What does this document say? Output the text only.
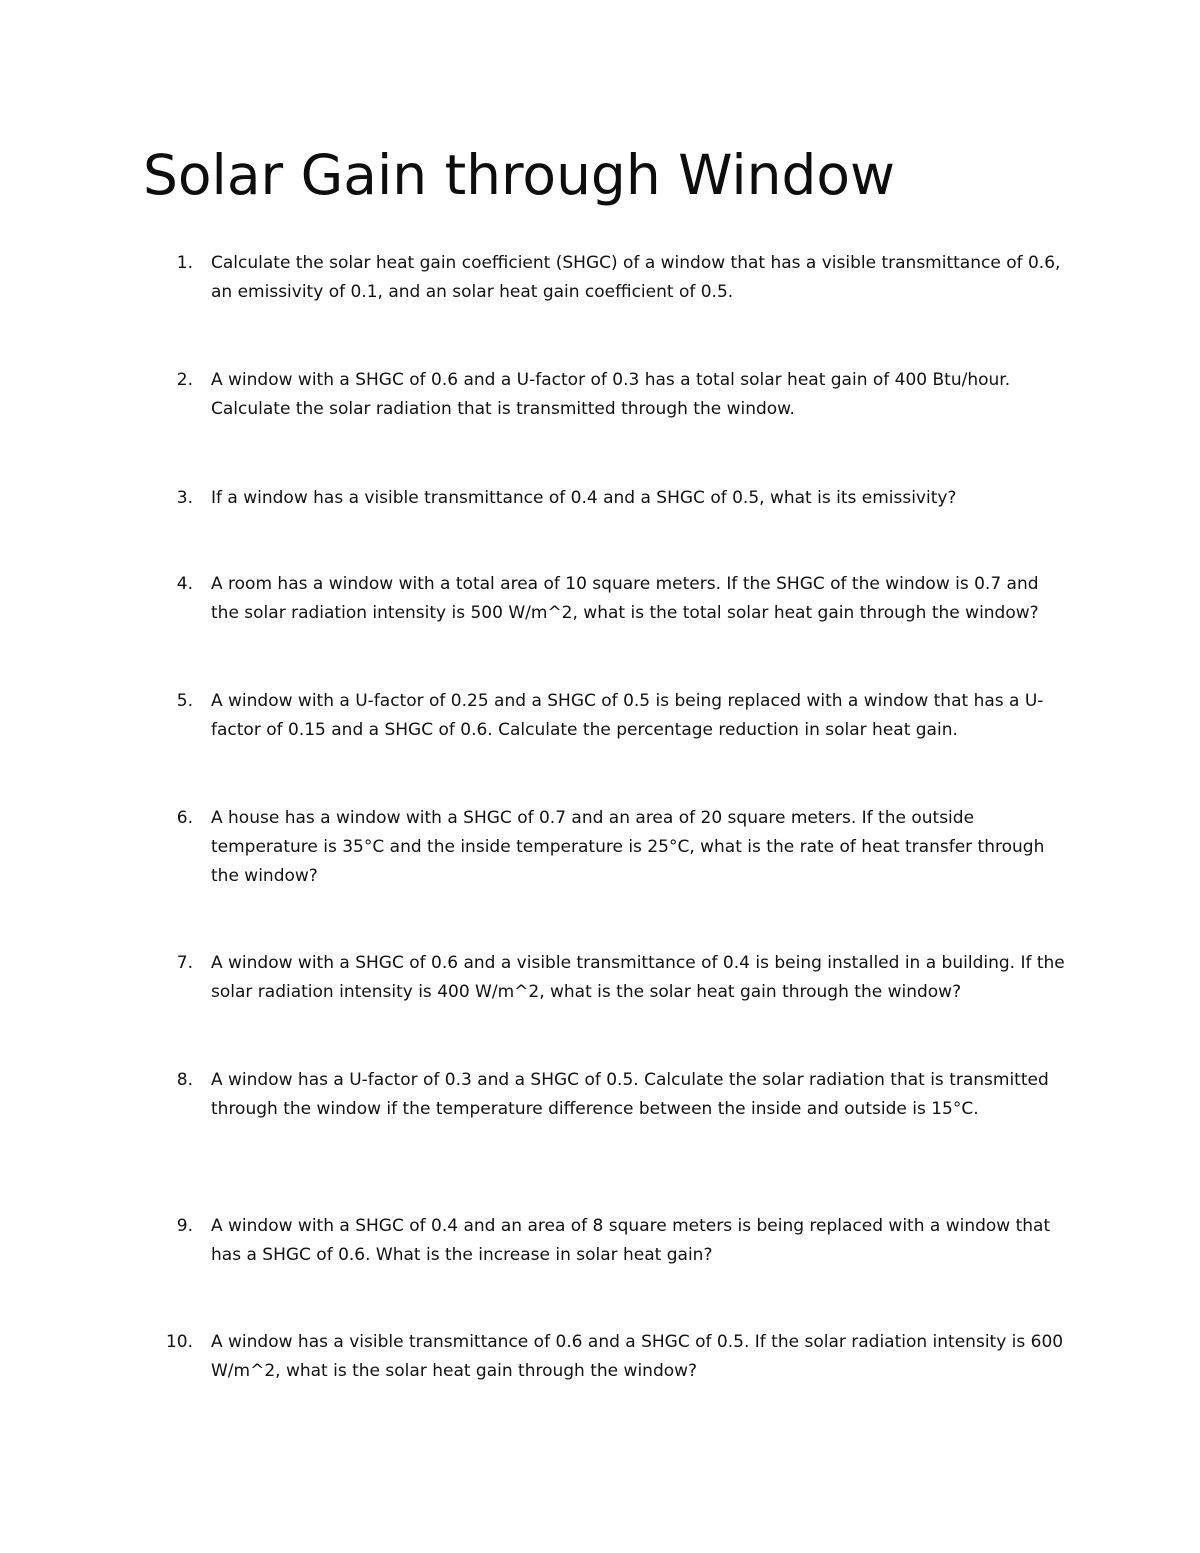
Solar Gain through Window
1. Calculate the solar heat gain coefficient (SHGC) of a window that has a visible transmittance of 0.6, an emissivity of 0.1, and an solar heat gain coefficient of 0.5.
2. A window with a SHGC of 0.6 and a U-factor of 0.3 has a total solar heat gain of 400 Btu/hour. Calculate the solar radiation that is transmitted through the window.
3. If a window has a visible transmittance of 0.4 and a SHGC of 0.5, what is its emissivity?
4. A room has a window with a total area of 10 square meters. If the SHGC of the window is 0.7 and the solar radiation intensity is 500 W/m^2, what is the total solar heat gain through the window?
5. A window with a U-factor of 0.25 and a SHGC of 0.5 is being replaced with a window that has a U-factor of 0.15 and a SHGC of 0.6. Calculate the percentage reduction in solar heat gain.
6. A house has a window with a SHGC of 0.7 and an area of 20 square meters. If the outside temperature is 35°C and the inside temperature is 25°C, what is the rate of heat transfer through the window?
7. A window with a SHGC of 0.6 and a visible transmittance of 0.4 is being installed in a building. If the solar radiation intensity is 400 W/m^2, what is the solar heat gain through the window?
8. A window has a U-factor of 0.3 and a SHGC of 0.5. Calculate the solar radiation that is transmitted through the window if the temperature difference between the inside and outside is 15°C.
9. A window with a SHGC of 0.4 and an area of 8 square meters is being replaced with a window that has a SHGC of 0.6. What is the increase in solar heat gain?
10. A window has a visible transmittance of 0.6 and a SHGC of 0.5. If the solar radiation intensity is 600 W/m^2, what is the solar heat gain through the window?
